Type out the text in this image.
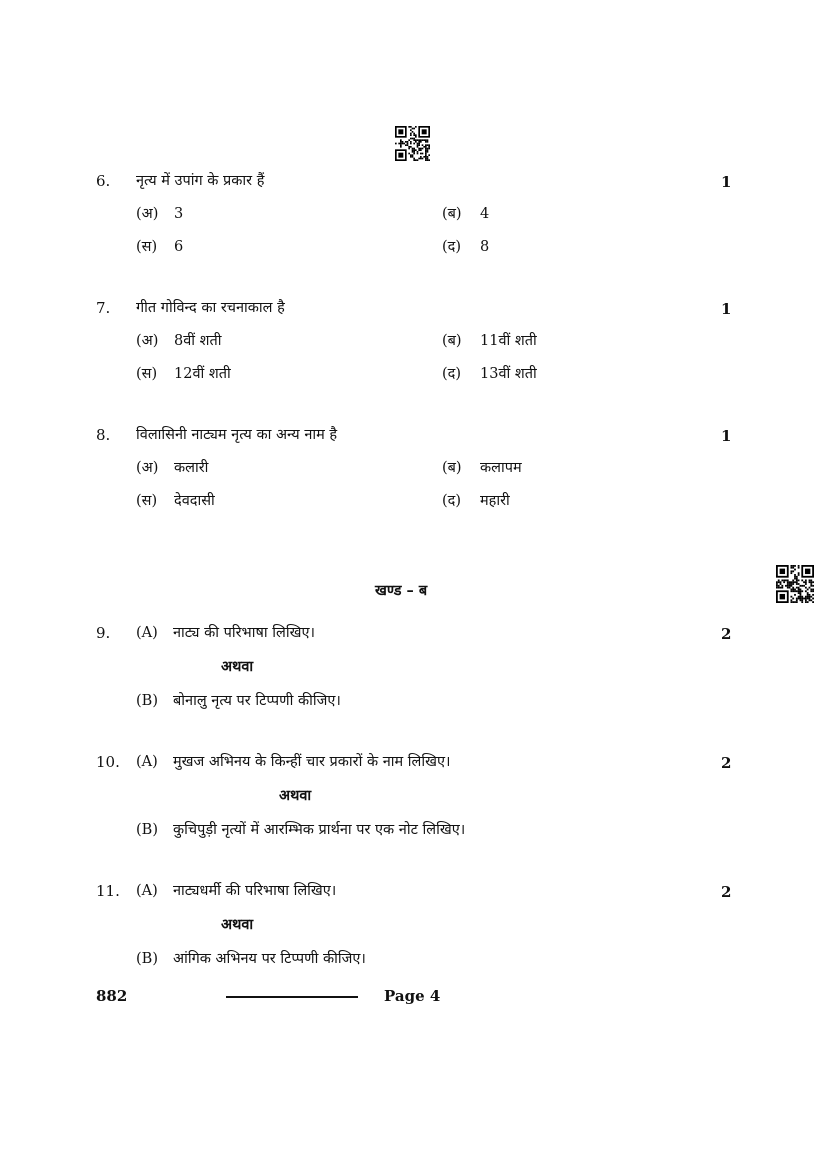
6. नृत्य में उपांग के प्रकार हैं	1
(अ) 3	(ब) 4
(स) 6	(द) 8
7. गीत गोविन्द का रचनाकाल है	1
(अ) 8वीं शती	(ब) 11वीं शती
(स) 12वीं शती	(द) 13वीं शती
8. विलासिनी नाट्यम नृत्य का अन्य नाम है	1
(अ) कलारी	(ब) कलापम
(स) देवदासी	(द) महारी
खण्ड – ब
9. (A) नाट्य की परिभाषा लिखिए।	2
अथवा
(B) बोनालु नृत्य पर टिप्पणी कीजिए।
10. (A) मुखज अभिनय के किन्हीं चार प्रकारों के नाम लिखिए।	2
अथवा
(B) कुचिपुड़ी नृत्यों में आरम्भिक प्रार्थना पर एक नोट लिखिए।
11. (A) नाट्यधर्मी की परिभाषा लिखिए।	2
अथवा
(B) आंगिक अभिनय पर टिप्पणी कीजिए।
882	Page 4
